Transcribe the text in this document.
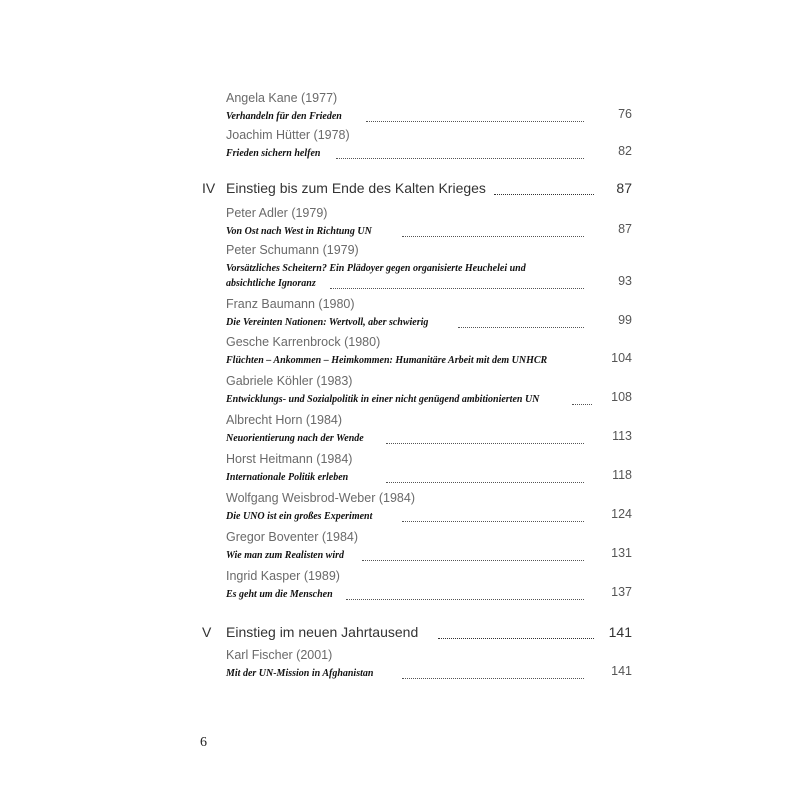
Angela Kane (1977)
Verhandeln für den Frieden	76
Joachim Hütter (1978)
Frieden sichern helfen	82
IV Einstieg bis zum Ende des Kalten Krieges	87
Peter Adler (1979)
Von Ost nach West in Richtung UN	87
Peter Schumann (1979)
Vorsätzliches Scheitern? Ein Plädoyer gegen organisierte Heuchelei und
absichtliche Ignoranz	93
Franz Baumann (1980)
Die Vereinten Nationen: Wertvoll, aber schwierig	99
Gesche Karrenbrock (1980)
Flüchten – Ankommen – Heimkommen: Humanitäre Arbeit mit dem UNHCR	104
Gabriele Köhler (1983)
Entwicklungs- und Sozialpolitik in einer nicht genügend ambitionierten UN	108
Albrecht Horn (1984)
Neuorientierung nach der Wende	113
Horst Heitmann (1984)
Internationale Politik erleben	118
Wolfgang Weisbrod-Weber (1984)
Die UNO ist ein großes Experiment	124
Gregor Boventer (1984)
Wie man zum Realisten wird	131
Ingrid Kasper (1989)
Es geht um die Menschen	137
V Einstieg im neuen Jahrtausend	141
Karl Fischer (2001)
Mit der UN-Mission in Afghanistan	141
6
